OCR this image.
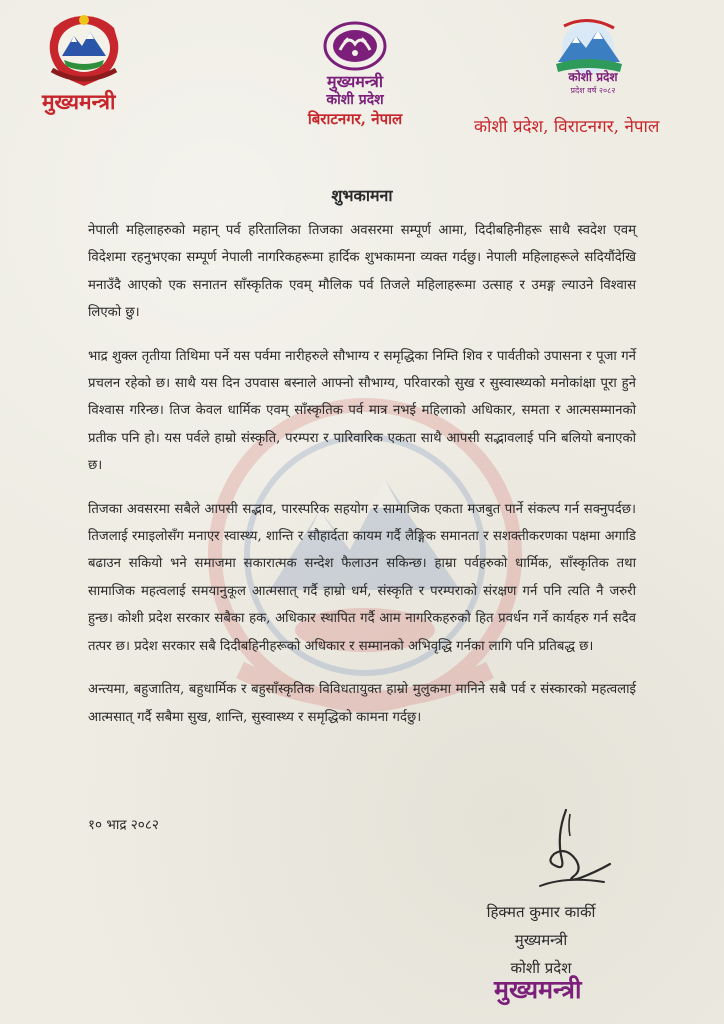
मुख्यमन्त्री
मुख्यमन्त्री
कोशी प्रदेश
बिराटनगर, नेपाल
कोशी प्रदेश
प्रदेश वर्ष २०८२
कोशी प्रदेश, विराटनगर, नेपाल
शुभकामना

नेपाली महिलाहरुको महान् पर्व हरितालिका तिजका अवसरमा सम्पूर्ण आमा, दिदीबहिनीहरू साथै स्वदेश एवम् विदेशमा रहनुभएका सम्पूर्ण नेपाली नागरिकहरूमा हार्दिक शुभकामना व्यक्त गर्दछु। नेपाली महिलाहरूले सदियौंदेखि मनाउँदै आएको एक सनातन साँस्कृतिक एवम् मौलिक पर्व तिजले महिलाहरूमा उत्साह र उमङ्ग ल्याउने विश्वास लिएको छु।

भाद्र शुक्ल तृतीया तिथिमा पर्ने यस पर्वमा नारीहरुले सौभाग्य र समृद्धिका निम्ति शिव र पार्वतीको उपासना र पूजा गर्ने प्रचलन रहेको छ। साथै यस दिन उपवास बस्नाले आफ्नो सौभाग्य, परिवारको सुख र सुस्वास्थ्यको मनोकांक्षा पूरा हुने विश्वास गरिन्छ। तिज केवल धार्मिक एवम् साँस्कृतिक पर्व मात्र नभई महिलाको अधिकार, समता र आत्मसम्मानको प्रतीक पनि हो। यस पर्वले हाम्रो संस्कृति, परम्परा र पारिवारिक एकता साथै आपसी सद्भावलाई पनि बलियो बनाएको छ।

तिजका अवसरमा सबैले आपसी सद्भाव, पारस्परिक सहयोग र सामाजिक एकता मजबुत पार्ने संकल्प गर्न सक्नुपर्दछ। तिजलाई रमाइलोसँग मनाएर स्वास्थ्य, शान्ति र सौहार्दता कायम गर्दै लैङ्गिक समानता र सशक्तीकरणका पक्षमा अगाडि बढाउन सकियो भने समाजमा सकारात्मक सन्देश फैलाउन सकिन्छ। हाम्रा पर्वहरुको धार्मिक, साँस्कृतिक तथा सामाजिक महत्वलाई समयानुकूल आत्मसात् गर्दै हाम्रो धर्म, संस्कृति र परम्पराको संरक्षण गर्न पनि त्यति नै जरुरी हुन्छ। कोशी प्रदेश सरकार सबैका हक, अधिकार स्थापित गर्दै आम नागरिकहरुको हित प्रवर्धन गर्ने कार्यहरु गर्न सदैव तत्पर छ। प्रदेश सरकार सबै दिदीबहिनीहरूको अधिकार र सम्मानको अभिवृद्धि गर्नका लागि पनि प्रतिबद्ध छ।

अन्त्यमा, बहुजातिय, बहुधार्मिक र बहुसाँस्कृतिक विविधतायुक्त हाम्रो मुलुकमा मानिने सबै पर्व र संस्कारको महत्वलाई आत्मसात् गर्दै सबैमा सुख, शान्ति, सुस्वास्थ्य र समृद्धिको कामना गर्दछु।

१० भाद्र २०८२
हिक्मत कुमार कार्की
मुख्यमन्त्री
कोशी प्रदेश
मुख्यमन्त्री
